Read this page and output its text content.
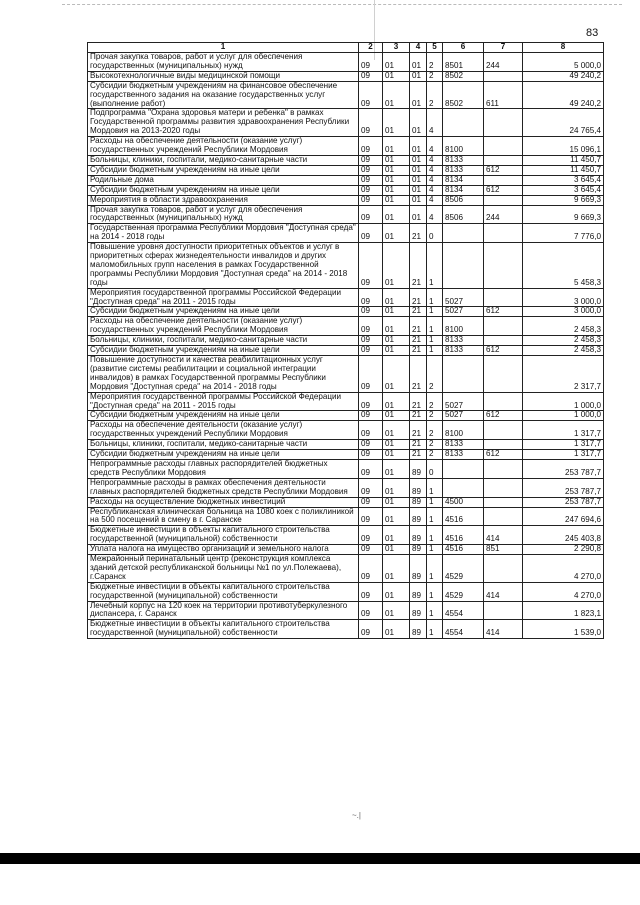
83
1	2	3	4	5	6	7	8
Прочая закупка товаров, работ и услуг для обеспечения государственных (муниципальных) нужд	09	01	01	2	8501	244	5 000,0
Высокотехнологичные виды медицинской помощи	09	01	01	2	8502		49 240,2
Субсидии бюджетным учреждениям на финансовое обеспечение государственного задания на оказание государственных услуг (выполнение работ)	09	01	01	2	8502	611	49 240,2
Подпрограмма "Охрана здоровья матери и ребенка" в рамках Государственной программы развития здравоохранения Республики Мордовия на 2013-2020 годы	09	01	01	4			24 765,4
Расходы на обеспечение деятельности (оказание услуг) государственных учреждений Республики Мордовия	09	01	01	4	8100		15 096,1
Больницы, клиники, госпитали, медико-санитарные части	09	01	01	4	8133		11 450,7
Субсидии бюджетным учреждениям на иные цели	09	01	01	4	8133	612	11 450,7
Родильные дома	09	01	01	4	8134		3 645,4
Субсидии бюджетным учреждениям на иные цели	09	01	01	4	8134	612	3 645,4
Мероприятия в области здравоохранения	09	01	01	4	8506		9 669,3
Прочая закупка товаров, работ и услуг для обеспечения государственных (муниципальных) нужд	09	01	01	4	8506	244	9 669,3
Государственная программа Республики Мордовия "Доступная среда" на 2014 - 2018 годы	09	01	21	0			7 776,0
Повышение уровня доступности приоритетных объектов и услуг в приоритетных сферах жизнедеятельности инвалидов и других маломобильных групп населения в рамках Государственной программы Республики Мордовия "Доступная среда" на 2014 - 2018 годы	09	01	21	1			5 458,3
Мероприятия государственной программы Российской Федерации "Доступная среда" на 2011 - 2015 годы	09	01	21	1	5027		3 000,0
Субсидии бюджетным учреждениям на иные цели	09	01	21	1	5027	612	3 000,0
Расходы на обеспечение деятельности (оказание услуг) государственных учреждений Республики Мордовия	09	01	21	1	8100		2 458,3
Больницы, клиники, госпитали, медико-санитарные части	09	01	21	1	8133		2 458,3
Субсидии бюджетным учреждениям на иные цели	09	01	21	1	8133	612	2 458,3
Повышение доступности и качества реабилитационных услуг (развитие системы реабилитации и социальной интеграции инвалидов) в рамках Государственной программы Республики Мордовия "Доступная среда" на 2014 - 2018 годы	09	01	21	2			2 317,7
Мероприятия государственной программы Российской Федерации "Доступная среда" на 2011 - 2015 годы	09	01	21	2	5027		1 000,0
Субсидии бюджетным учреждениям на иные цели	09	01	21	2	5027	612	1 000,0
Расходы на обеспечение деятельности (оказание услуг) государственных учреждений Республики Мордовия	09	01	21	2	8100		1 317,7
Больницы, клиники, госпитали, медико-санитарные части	09	01	21	2	8133		1 317,7
Субсидии бюджетным учреждениям на иные цели	09	01	21	2	8133	612	1 317,7
Непрограммные расходы главных распорядителей бюджетных средств Республики Мордовия	09	01	89	0			253 787,7
Непрограммные расходы в рамках обеспечения деятельности главных распорядителей бюджетных средств Республики Мордовия	09	01	89	1			253 787,7
Расходы на осуществление бюджетных инвестиций	09	01	89	1	4500		253 787,7
Республиканская клиническая больница на 1080 коек с поликлиникой на 500 посещений в смену в г. Саранске	09	01	89	1	4516		247 694,6
Бюджетные инвестиции в объекты капитального строительства государственной (муниципальной) собственности	09	01	89	1	4516	414	245 403,8
Уплата налога на имущество организаций и земельного налога	09	01	89	1	4516	851	2 290,8
Межрайонный перинатальный центр (реконструкция комплекса зданий детской республиканской больницы №1 по ул.Полежаева), г.Саранск	09	01	89	1	4529		4 270,0
Бюджетные инвестиции в объекты капитального строительства государственной (муниципальной) собственности	09	01	89	1	4529	414	4 270,0
Лечебный корпус на 120 коек на территории противотуберкулезного диспансера, г. Саранск	09	01	89	1	4554		1 823,1
Бюджетные инвестиции в объекты капитального строительства государственной (муниципальной) собственности	09	01	89	1	4554	414	1 539,0
~.|
